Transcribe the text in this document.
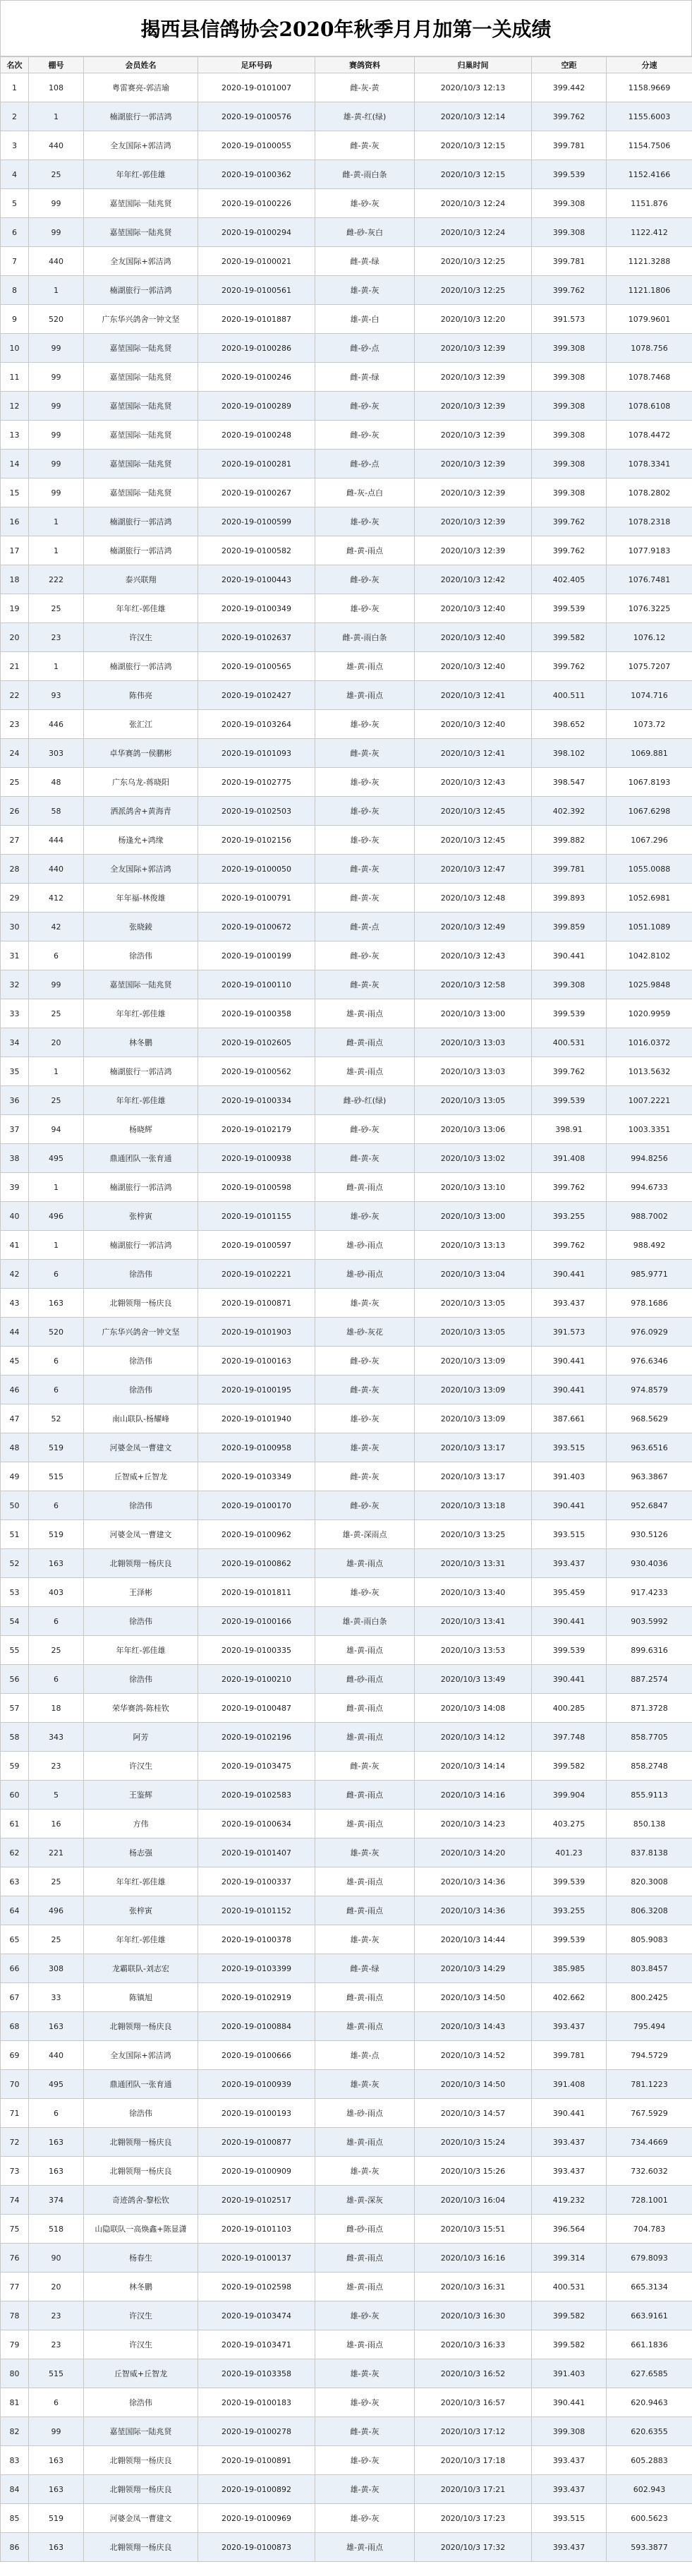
揭西县信鸽协会2020年秋季月月加第一关成绩
名次	棚号	会员姓名	足环号码	赛鸽资料	归巢时间	空距	分速
1	108	粤雷赛亮-郭洁瑜	2020-19-0101007	雌-灰-黄	2020/10/3 12:13	399.442	1158.9669
2	1	楠湖旅行一郭洁鸿	2020-19-0100576	雄-黄-红(绿)	2020/10/3 12:14	399.762	1155.6003
3	440	全友国际+郭洁鸿	2020-19-0100055	雌-黄-灰	2020/10/3 12:15	399.781	1154.7506
4	25	年年红-郭佳雄	2020-19-0100362	雌-黄-雨白条	2020/10/3 12:15	399.539	1152.4166
5	99	嘉堃国际一陆兆贤	2020-19-0100226	雄-砂-灰	2020/10/3 12:24	399.308	1151.876
6	99	嘉堃国际一陆兆贤	2020-19-0100294	雌-砂-灰白	2020/10/3 12:24	399.308	1122.412
7	440	全友国际+郭洁鸿	2020-19-0100021	雌-黄-绿	2020/10/3 12:25	399.781	1121.3288
8	1	楠湖旅行一郭洁鸿	2020-19-0100561	雄-黄-灰	2020/10/3 12:25	399.762	1121.1806
9	520	广东华兴鸽舍一钟文坚	2020-19-0101887	雄-黄-白	2020/10/3 12:20	391.573	1079.9601
10	99	嘉堃国际一陆兆贤	2020-19-0100286	雌-砂-点	2020/10/3 12:39	399.308	1078.756
11	99	嘉堃国际一陆兆贤	2020-19-0100246	雌-黄-绿	2020/10/3 12:39	399.308	1078.7468
12	99	嘉堃国际一陆兆贤	2020-19-0100289	雌-砂-灰	2020/10/3 12:39	399.308	1078.6108
13	99	嘉堃国际一陆兆贤	2020-19-0100248	雌-砂-灰	2020/10/3 12:39	399.308	1078.4472
14	99	嘉堃国际一陆兆贤	2020-19-0100281	雌-砂-点	2020/10/3 12:39	399.308	1078.3341
15	99	嘉堃国际一陆兆贤	2020-19-0100267	雌-灰-点白	2020/10/3 12:39	399.308	1078.2802
16	1	楠湖旅行一郭洁鸿	2020-19-0100599	雄-砂-灰	2020/10/3 12:39	399.762	1078.2318
17	1	楠湖旅行一郭洁鸿	2020-19-0100582	雌-黄-雨点	2020/10/3 12:39	399.762	1077.9183
18	222	泰兴联翔	2020-19-0100443	雌-砂-灰	2020/10/3 12:42	402.405	1076.7481
19	25	年年红-郭佳雄	2020-19-0100349	雄-砂-灰	2020/10/3 12:40	399.539	1076.3225
20	23	许汉生	2020-19-0102637	雌-黄-雨白条	2020/10/3 12:40	399.582	1076.12
21	1	楠湖旅行一郭洁鸿	2020-19-0100565	雄-黄-雨点	2020/10/3 12:40	399.762	1075.7207
22	93	陈伟亮	2020-19-0102427	雄-黄-雨点	2020/10/3 12:41	400.511	1074.716
23	446	张汇江	2020-19-0103264	雄-砂-灰	2020/10/3 12:40	398.652	1073.72
24	303	卓华赛鸽一侯鹏彬	2020-19-0101093	雌-黄-灰	2020/10/3 12:41	398.102	1069.881
25	48	广东乌龙-蒋晓阳	2020-19-0102775	雄-砂-灰	2020/10/3 12:43	398.547	1067.8193
26	58	洒派鸽舍+黄海青	2020-19-0102503	雄-砂-灰	2020/10/3 12:45	402.392	1067.6298
27	444	杨逢允+鸿缘	2020-19-0102156	雄-砂-灰	2020/10/3 12:45	399.882	1067.296
28	440	全友国际+郭洁鸿	2020-19-0100050	雌-黄-灰	2020/10/3 12:47	399.781	1055.0088
29	412	年年福-林俊雄	2020-19-0100791	雌-黄-灰	2020/10/3 12:48	399.893	1052.6981
30	42	张晓錂	2020-19-0100672	雌-黄-点	2020/10/3 12:49	399.859	1051.1089
31	6	徐浩伟	2020-19-0100199	雌-砂-灰	2020/10/3 12:43	390.441	1042.8102
32	99	嘉堃国际一陆兆贤	2020-19-0100110	雌-黄-灰	2020/10/3 12:58	399.308	1025.9848
33	25	年年红-郭佳雄	2020-19-0100358	雄-黄-雨点	2020/10/3 13:00	399.539	1020.9959
34	20	林冬鹏	2020-19-0102605	雌-黄-雨点	2020/10/3 13:03	400.531	1016.0372
35	1	楠湖旅行一郭洁鸿	2020-19-0100562	雄-黄-雨点	2020/10/3 13:03	399.762	1013.5632
36	25	年年红-郭佳雄	2020-19-0100334	雌-砂-红(绿)	2020/10/3 13:05	399.539	1007.2221
37	94	杨晓辉	2020-19-0102179	雌-砂-灰	2020/10/3 13:06	398.91	1003.3351
38	495	鼎通团队一张育通	2020-19-0100938	雌-黄-灰	2020/10/3 13:02	391.408	994.8256
39	1	楠湖旅行一郭洁鸿	2020-19-0100598	雌-黄-雨点	2020/10/3 13:10	399.762	994.6733
40	496	张梓寅	2020-19-0101155	雄-砂-灰	2020/10/3 13:00	393.255	988.7002
41	1	楠湖旅行一郭洁鸿	2020-19-0100597	雄-砂-雨点	2020/10/3 13:13	399.762	988.492
42	6	徐浩伟	2020-19-0102221	雄-砂-雨点	2020/10/3 13:04	390.441	985.9771
43	163	北翱领翔一杨庆良	2020-19-0100871	雄-黄-灰	2020/10/3 13:05	393.437	978.1686
44	520	广东华兴鸽舍一钟文坚	2020-19-0101903	雄-砂-灰花	2020/10/3 13:05	391.573	976.0929
45	6	徐浩伟	2020-19-0100163	雌-砂-灰	2020/10/3 13:09	390.441	976.6346
46	6	徐浩伟	2020-19-0100195	雌-黄-灰	2020/10/3 13:09	390.441	974.8579
47	52	南山联队-杨耀峰	2020-19-0101940	雄-砂-灰	2020/10/3 13:09	387.661	968.5629
48	519	河婆金凤一曹建文	2020-19-0100958	雄-黄-灰	2020/10/3 13:17	393.515	963.6516
49	515	丘智威+丘智龙	2020-19-0103349	雌-黄-灰	2020/10/3 13:17	391.403	963.3867
50	6	徐浩伟	2020-19-0100170	雌-砂-灰	2020/10/3 13:18	390.441	952.6847
51	519	河婆金凤一曹建文	2020-19-0100962	雄-黄-深雨点	2020/10/3 13:25	393.515	930.5126
52	163	北翱领翔一杨庆良	2020-19-0100862	雄-黄-雨点	2020/10/3 13:31	393.437	930.4036
53	403	王泽彬	2020-19-0101811	雄-砂-灰	2020/10/3 13:40	395.459	917.4233
54	6	徐浩伟	2020-19-0100166	雄-黄-雨白条	2020/10/3 13:41	390.441	903.5992
55	25	年年红-郭佳雄	2020-19-0100335	雄-黄-雨点	2020/10/3 13:53	399.539	899.6316
56	6	徐浩伟	2020-19-0100210	雌-砂-雨点	2020/10/3 13:49	390.441	887.2574
57	18	荣华赛鸽-陈桂钦	2020-19-0100487	雌-黄-雨点	2020/10/3 14:08	400.285	871.3728
58	343	阿芳	2020-19-0102196	雄-黄-雨点	2020/10/3 14:12	397.748	858.7705
59	23	许汉生	2020-19-0103475	雌-黄-灰	2020/10/3 14:14	399.582	858.2748
60	5	王鉴辉	2020-19-0102583	雌-黄-雨点	2020/10/3 14:16	399.904	855.9113
61	16	方伟	2020-19-0100634	雄-黄-雨点	2020/10/3 14:23	403.275	850.138
62	221	杨志强	2020-19-0101407	雄-黄-灰	2020/10/3 14:20	401.23	837.8138
63	25	年年红-郭佳雄	2020-19-0100337	雄-黄-雨点	2020/10/3 14:36	399.539	820.3008
64	496	张梓寅	2020-19-0101152	雌-黄-雨点	2020/10/3 14:36	393.255	806.3208
65	25	年年红-郭佳雄	2020-19-0100378	雄-黄-灰	2020/10/3 14:44	399.539	805.9083
66	308	龙霸联队-刘志宏	2020-19-0103399	雌-黄-绿	2020/10/3 14:29	385.985	803.8457
67	33	陈镇旭	2020-19-0102919	雌-黄-雨点	2020/10/3 14:50	402.662	800.2425
68	163	北翱领翔一杨庆良	2020-19-0100884	雄-黄-雨点	2020/10/3 14:43	393.437	795.494
69	440	全友国际+郭洁鸿	2020-19-0100666	雄-黄-点	2020/10/3 14:52	399.781	794.5729
70	495	鼎通团队一张育通	2020-19-0100939	雄-黄-灰	2020/10/3 14:50	391.408	781.1223
71	6	徐浩伟	2020-19-0100193	雄-砂-雨点	2020/10/3 14:57	390.441	767.5929
72	163	北翱领翔一杨庆良	2020-19-0100877	雄-黄-雨点	2020/10/3 15:24	393.437	734.4669
73	163	北翱领翔一杨庆良	2020-19-0100909	雄-黄-灰	2020/10/3 15:26	393.437	732.6032
74	374	奇迹鸽舍-黎松钦	2020-19-0102517	雄-黄-深灰	2020/10/3 16:04	419.232	728.1001
75	518	山隐联队一高焕鑫+陈显潇	2020-19-0101103	雌-砂-雨点	2020/10/3 15:51	396.564	704.783
76	90	杨春生	2020-19-0100137	雌-黄-雨点	2020/10/3 16:16	399.314	679.8093
77	20	林冬鹏	2020-19-0102598	雄-黄-雨点	2020/10/3 16:31	400.531	665.3134
78	23	许汉生	2020-19-0103474	雄-砂-灰	2020/10/3 16:30	399.582	663.9161
79	23	许汉生	2020-19-0103471	雄-黄-雨点	2020/10/3 16:33	399.582	661.1836
80	515	丘智威+丘智龙	2020-19-0103358	雄-黄-灰	2020/10/3 16:52	391.403	627.6585
81	6	徐浩伟	2020-19-0100183	雄-砂-灰	2020/10/3 16:57	390.441	620.9463
82	99	嘉堃国际一陆兆贤	2020-19-0100278	雌-黄-灰	2020/10/3 17:12	399.308	620.6355
83	163	北翱领翔一杨庆良	2020-19-0100891	雄-砂-灰	2020/10/3 17:18	393.437	605.2883
84	163	北翱领翔一杨庆良	2020-19-0100892	雄-黄-灰	2020/10/3 17:21	393.437	602.943
85	519	河婆金凤一曹建文	2020-19-0100969	雄-砂-灰	2020/10/3 17:23	393.515	600.5623
86	163	北翱领翔一杨庆良	2020-19-0100873	雄-黄-雨点	2020/10/3 17:32	393.437	593.3877
